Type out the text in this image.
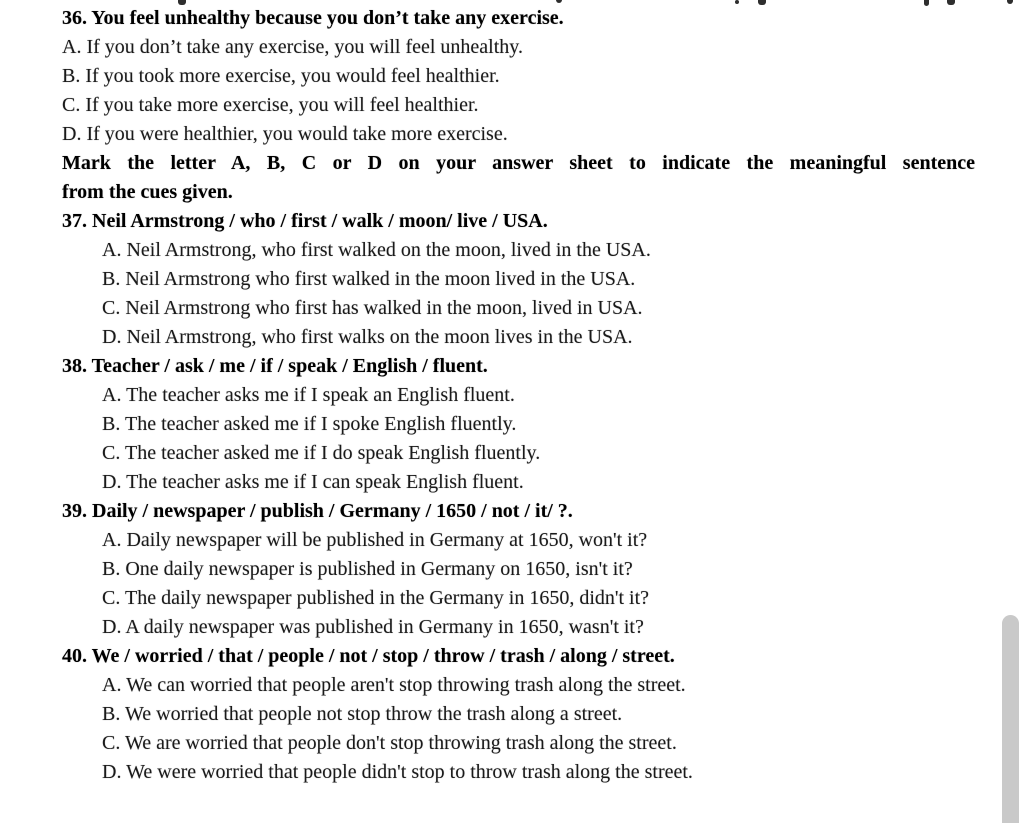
36. You feel unhealthy because you don’t take any exercise.
A. If you don’t take any exercise, you will feel unhealthy.
B. If you took more exercise, you would feel healthier.
C. If you take more exercise, you will feel healthier.
D. If you were healthier, you would take more exercise.
Mark the letter A, B, C or D on your answer sheet to indicate the meaningful sentence
from the cues given.
37. Neil Armstrong / who / first / walk / moon/ live / USA.
A. Neil Armstrong, who first walked on the moon, lived in the USA.
B. Neil Armstrong who first walked in the moon lived in the USA.
C. Neil Armstrong who first has walked in the moon, lived in USA.
D. Neil Armstrong, who first walks on the moon lives in the USA.
38. Teacher / ask / me / if / speak / English / fluent.
A. The teacher asks me if I speak an English fluent.
B. The teacher asked me if I spoke English fluently.
C. The teacher asked me if I do speak English fluently.
D. The teacher asks me if I can speak English fluent.
39. Daily / newspaper / publish / Germany / 1650 / not / it/ ?.
A. Daily newspaper will be published in Germany at 1650, won't it?
B. One daily newspaper is published in Germany on 1650, isn't it?
C. The daily newspaper published in the Germany in 1650, didn't it?
D. A daily newspaper was published in Germany in 1650, wasn't it?
40. We / worried / that / people / not / stop / throw / trash / along / street.
A. We can worried that people aren't stop throwing trash along the street.
B. We worried that people not stop throw the trash along a street.
C. We are worried that people don't stop throwing trash along the street.
D. We were worried that people didn't stop to throw trash along the street.
